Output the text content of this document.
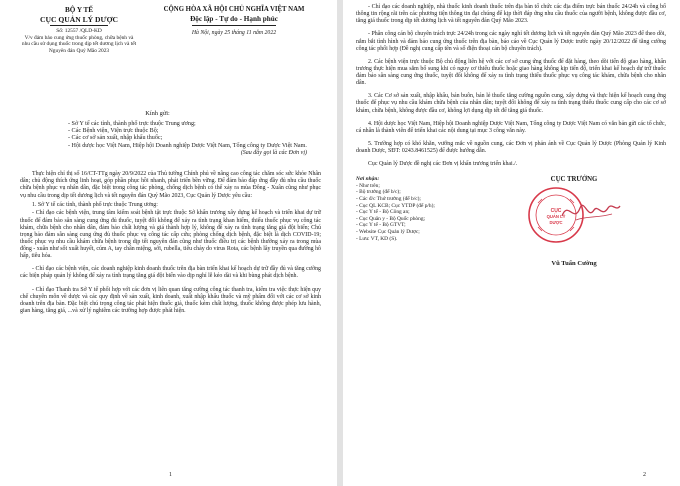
BỘ Y TẾ
CỤC QUẢN LÝ DƯỢC
Số: 12557 /QLD-KD
V/v đảm bảo cung ứng thuốc phòng, chữa bệnh và nhu cầu sử dụng thuốc trong dịp tết dương lịch và tết Nguyên đán Quý Mão 2023
CỘNG HÒA XÃ HỘI CHỦ NGHĨA VIỆT NAM
Độc lập - Tự do - Hạnh phúc
Hà Nội, ngày 25 tháng 11 năm 2022
Kính gửi:
- Sở Y tế các tỉnh, thành phố trực thuộc Trung ương;
- Các Bệnh viện, Viện trực thuộc Bộ;
- Các cơ sở sản xuất, nhập khẩu thuốc;
- Hội dược học Việt Nam, Hiệp hội Doanh nghiệp Dược Việt Nam, Tổng công ty Dược Việt Nam.
(Sau đây gọi là các Đơn vị)

Thực hiện chỉ thị số 16/CT-TTg ngày 20/9/2022 của Thủ tướng Chính phủ về nâng cao công tác chăm sóc sức khỏe Nhân dân; chủ động thích ứng linh hoạt, góp phần phục hồi nhanh, phát triển bền vững. Để đảm bảo đáp ứng đầy đủ nhu cầu thuốc chữa bệnh phục vụ nhân dân, đặc biệt trong công tác phòng, chống dịch bệnh có thể xảy ra mùa Đông - Xuân cũng như phục vụ nhu cầu trong dịp tết dương lịch và tết nguyên đán Quý Mão 2023, Cục Quản lý Dược yêu cầu:

1. Sở Y tế các tỉnh, thành phố trực thuộc Trung ương:

- Chỉ đạo các bệnh viện, trung tâm kiểm soát bệnh tật trực thuộc Sở khẩn trương xây dựng kế hoạch và triển khai dự trữ thuốc để đảm bảo sẵn sàng cung ứng đủ thuốc, tuyệt đối không để xảy ra tình trạng khan hiếm, thiếu thuốc phục vụ công tác khám, chữa bệnh cho nhân dân, đảm bảo chất lượng và giá thành hợp lý, không để xảy ra tình trạng tăng giá đột biến; Chú trọng bảo đảm sẵn sàng cung ứng đủ thuốc phục vụ công tác cấp cứu; phòng chống dịch bệnh, đặc biệt là dịch COVID-19; thuốc phục vụ nhu cầu khám chữa bệnh trong dịp tết nguyên đán cũng như thuốc điều trị các bệnh thường xảy ra trong mùa đông - xuân như sốt xuất huyết, cúm A, tay chân miệng, sởi, rubella, tiêu chảy do virus Rota, các bệnh lây truyền qua đường hô hấp, tiêu hóa.

- Chỉ đạo các bệnh viện, các doanh nghiệp kinh doanh thuốc trên địa bàn triển khai kế hoạch dự trữ đầy đủ và tăng cường các biện pháp quản lý không để xảy ra tình trạng tăng giá đột biến vào dịp nghỉ lễ kéo dài và khi bùng phát dịch bệnh.

- Chỉ đạo Thanh tra Sở Y tế phối hợp với các đơn vị liên quan tăng cường công tác thanh tra, kiểm tra việc thực hiện quy chế chuyên môn về dược và các quy định về sản xuất, kinh doanh, xuất nhập khẩu thuốc và mỹ phẩm đối với các cơ sở kinh doanh trên địa bàn. Đặc biệt chú trọng công tác phát hiện thuốc giả, thuốc kém chất lượng, thuốc không được phép lưu hành, gian hàng, tăng giá, ...và xử lý nghiêm các trường hợp được phát hiện.

1

- Chỉ đạo các doanh nghiệp, nhà thuốc kinh doanh thuốc trên địa bàn tổ chức các địa điểm trực bán thuốc 24/24h và công bố thông tin rộng rãi trên các phương tiện thông tin đại chúng để kịp thời đáp ứng nhu cầu thuốc của người bệnh, không được đầu cơ, tăng giá thuốc trong dịp tết dương lịch và tết nguyên đán Quý Mão 2023.

- Phân công cán bộ chuyên trách trực 24/24h trong các ngày nghỉ tết dương lịch và tết nguyên đán Quý Mão 2023 để theo dõi, nắm bắt tình hình và đảm bảo cung ứng thuốc trên địa bàn, báo cáo về Cục Quản lý Dược trước ngày 20/12/2022 để tăng cường công tác phối hợp (Đề nghị cung cấp tên và số điện thoại cán bộ chuyên trách).

2. Các bệnh viện trực thuộc Bộ chủ động liên hệ với các cơ sở cung ứng thuốc để đặt hàng, theo dõi tiến độ giao hàng, khẩn trương thực hiện mua sắm bổ sung khi có nguy cơ thiếu thuốc hoặc giao hàng không kịp tiến độ, triển khai kế hoạch dự trữ thuốc đảm bảo sẵn sàng cung ứng thuốc, tuyệt đối không để xảy ra tình trạng thiếu thuốc phục vụ công tác khám, chữa bệnh cho nhân dân.

3. Các Cơ sở sản xuất, nhập khẩu, bán buôn, bán lẻ thuốc tăng cường nguồn cung, xây dựng và thực hiện kế hoạch cung ứng thuốc để phục vụ nhu cầu khám chữa bệnh của nhân dân; tuyệt đối không để xảy ra tình trạng thiếu thuốc cung cấp cho các cơ sở khám, chữa bệnh, không được đầu cơ, không lợi dụng dịp tết để tăng giá thuốc.

4. Hội dược học Việt Nam, Hiệp hội Doanh nghiệp Dược Việt Nam, Tổng công ty Dược Việt Nam có văn bản gửi các tổ chức, cá nhân là thành viên để triển khai các nội dung tại mục 3 công văn này.

5. Trường hợp có khó khăn, vướng mắc về nguồn cung, các Đơn vị phản ánh về Cục Quản lý Dược (Phòng Quản lý Kinh doanh Dược, SĐT: 0243.8461525) để được hướng dẫn.

Cục Quản lý Dược đề nghị các Đơn vị khẩn trương triển khai./.

Nơi nhận:
- Như trên;
- Bộ trưởng (để b/c);
- Các đ/c Thứ trưởng (để b/c);
- Cục QL KCB; Cục YTDP (để p/h);
- Cục Y tế - Bộ Công an;
- Cục Quân y - Bộ Quốc phòng;
- Cục Y tế - Bộ GTVT;
- Website Cục Quản lý Dược;
- Lưu: VT, KD (S).
CỤC TRƯỞNG
CỤC
QUẢN LÝ
DƯỢC
Vũ Tuấn Cường
2
